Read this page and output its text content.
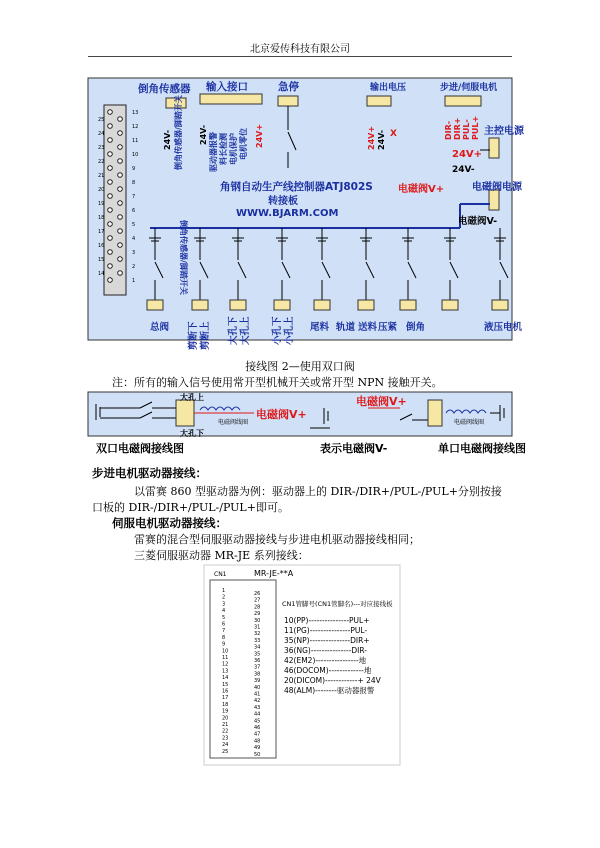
北京爱传科技有限公司
13
12
11
10
9
8
7
6
5
4
3
2
1
25
24
23
22
21
20
19
18
17
16
15
14
倒角传感器 输入接口	急停	输出电压	步进/伺服电机
主控电源
电磁阀电源
角钢自动生产线控制器ATJ802S
转接板
WWW.BJARM.COM
24V+
24V-
电磁阀V+
电磁阀V-
24V- 倒角传感器/脚踏开关
倒角传感器/脚踏开关
24V- 驱动器报警 料长检测 电机保护 电机零位 24V+	24V+ 24V- X	DIR- DIR+ PUL- PUL+
总阀 剪断下 剪断上 大孔下 大孔上 小孔下 小孔上 尾料 轨道 送料 压紧 倒角	液压电机
大孔上
大孔下
电磁阀V+
电磁阀V+
电磁阀线圈	电磁阀线圈
双口电磁阀接线图	表示电磁阀V-	单口电磁阀接线图
CN1	MR-JE-**A
1
2
3
4
5
6
7
8
9
10
11
12
13
14
15
16
17
18
19
20
21
22
23
24
25
26
27
28
29
30
31
32
33
34
35
36
37
38
39
40
41
42
43
44
45
46
47
48
49
50
CN1管脚号(CN1管脚名)---对应接线板
10(PP)---------------PUL+
11(PG)---------------PUL-
35(NP)---------------DIR+
36(NG)---------------DIR-
42(EM2)----------------地
46(DOCOM)-------------地
20(DICOM)------------+ 24V
48(ALM)--------驱动器报警
接线图 2—使用双口阀
注：所有的输入信号使用常开型机械开关或常开型 NPN 接触开关。
步进电机驱动器接线：
以雷赛 860 型驱动器为例：驱动器上的 DIR-/DIR+/PUL-/PUL+分别按接
口板的 DIR-/DIR+/PUL-/PUL+即可。
伺服电机驱动器接线：
雷赛的混合型伺服驱动器接线与步进电机驱动器接线相同；
三菱伺服驱动器 MR-JE 系列接线：
